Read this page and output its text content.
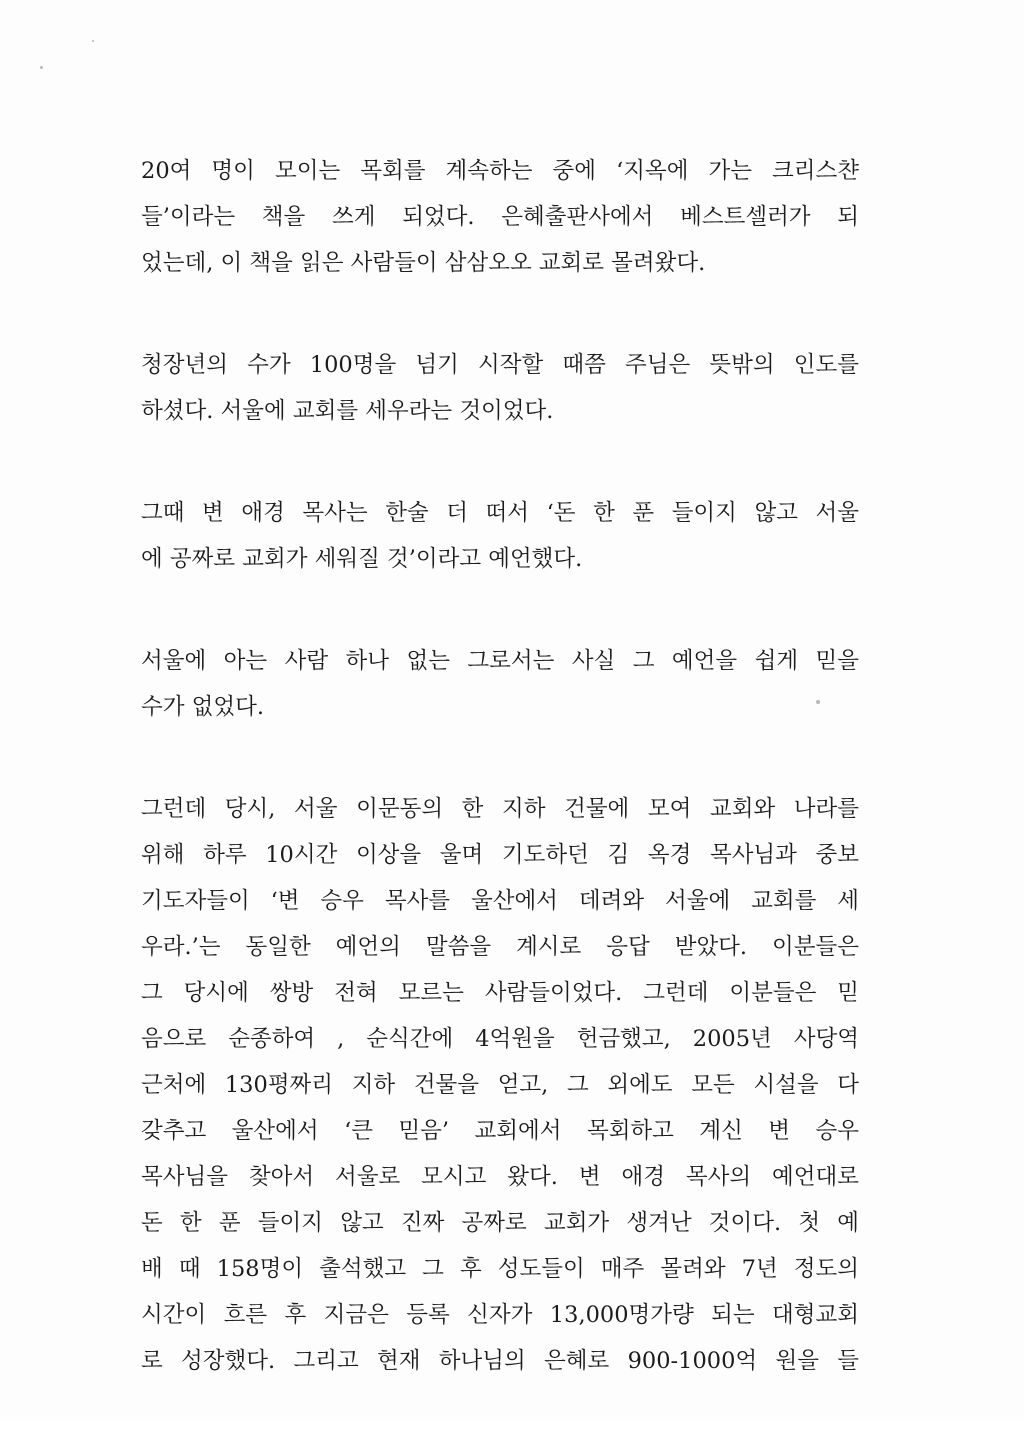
20여 명이 모이는 목회를 계속하는 중에 ‘지옥에 가는 크리스챤
들’이라는 책을 쓰게 되었다. 은혜출판사에서 베스트셀러가 되
었는데, 이 책을 읽은 사람들이 삼삼오오 교회로 몰려왔다.
청장년의 수가 100명을 넘기 시작할 때쯤 주님은 뜻밖의 인도를
하셨다. 서울에 교회를 세우라는 것이었다.
그때 변 애경 목사는 한술 더 떠서 ‘돈 한 푼 들이지 않고 서울
에 공짜로 교회가 세워질 것’이라고 예언했다.
서울에 아는 사람 하나 없는 그로서는 사실 그 예언을 쉽게 믿을
수가 없었다.
그런데 당시, 서울 이문동의 한 지하 건물에 모여 교회와 나라를
위해 하루 10시간 이상을 울며 기도하던 김 옥경 목사님과 중보
기도자들이 ‘변 승우 목사를 울산에서 데려와 서울에 교회를 세
우라.’는 동일한 예언의 말씀을 계시로 응답 받았다. 이분들은
그 당시에 쌍방 전혀 모르는 사람들이었다. 그런데 이분들은 믿
음으로 순종하여 , 순식간에 4억원을 헌금했고, 2005년 사당역
근처에 130평짜리 지하 건물을 얻고, 그 외에도 모든 시설을 다
갖추고 울산에서 ‘큰 믿음’ 교회에서 목회하고 계신 변 승우
목사님을 찾아서 서울로 모시고 왔다. 변 애경 목사의 예언대로
돈 한 푼 들이지 않고 진짜 공짜로 교회가 생겨난 것이다. 첫 예
배 때 158명이 출석했고 그 후 성도들이 매주 몰려와 7년 정도의
시간이 흐른 후 지금은 등록 신자가 13,000명가량 되는 대형교회
로 성장했다. 그리고 현재 하나님의 은혜로 900-1000억 원을 들
